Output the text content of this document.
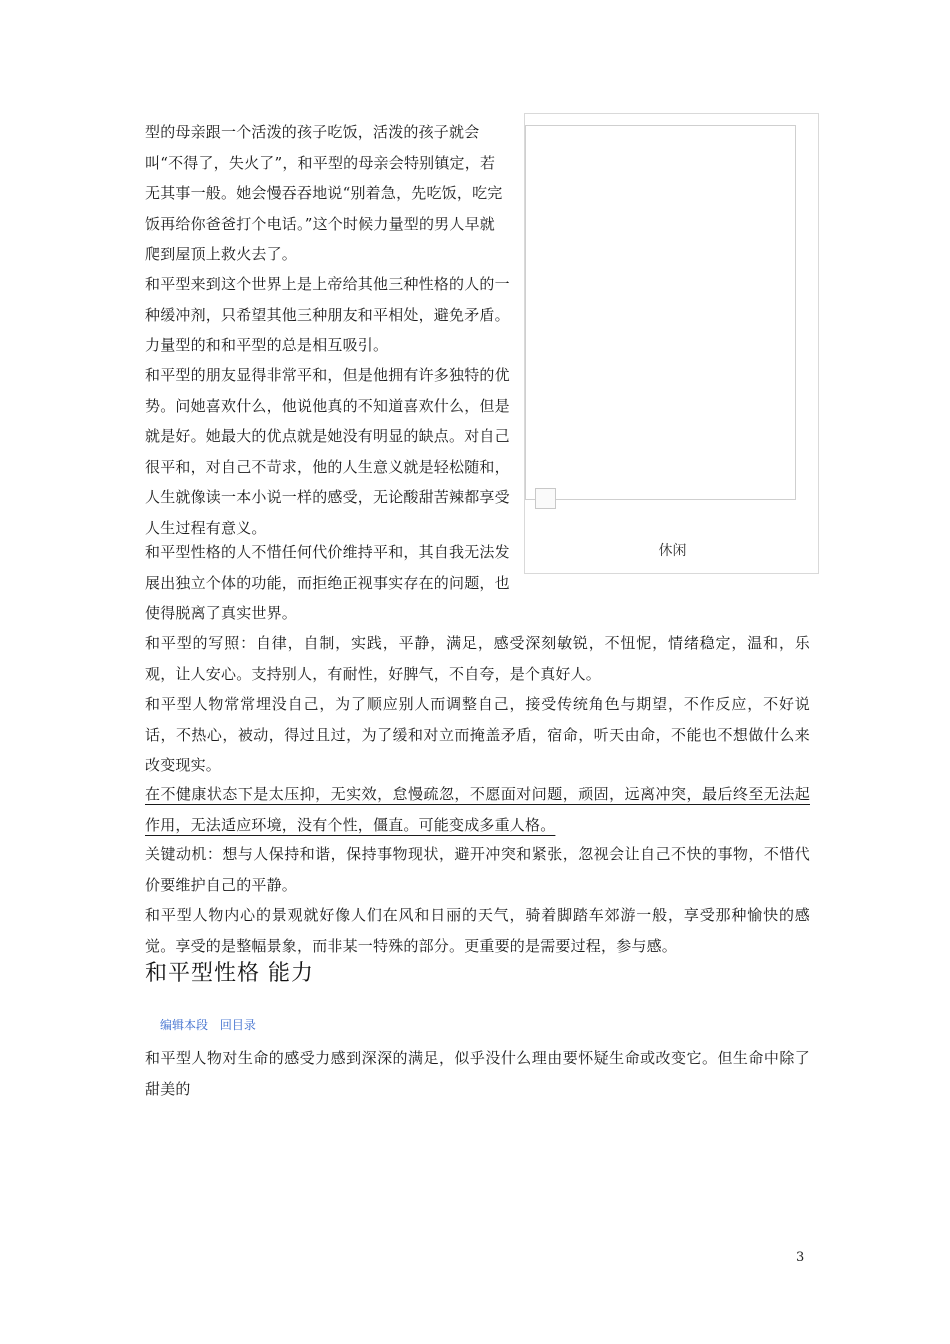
型的母亲跟一个活泼的孩子吃饭，活泼的孩子就会叫“不得了，失火了”，和平型的母亲会特别镇定，若无其事一般。她会慢吞吞地说“别着急，先吃饭，吃完饭再给你爸爸打个电话。”这个时候力量型的男人早就爬到屋顶上救火去了。

和平型来到这个世界上是上帝给其他三种性格的人的一种缓冲剂，只希望其他三种朋友和平相处，避免矛盾。力量型的和和平型的总是相互吸引。

和平型的朋友显得非常平和，但是他拥有许多独特的优势。问她喜欢什么，他说他真的不知道喜欢什么，但是就是好。她最大的优点就是她没有明显的缺点。对自己很平和，对自己不苛求，他的人生意义就是轻松随和，人生就像读一本小说一样的感受，无论酸甜苦辣都享受人生过程有意义。

和平型性格的人不惜任何代价维持平和，其自我无法发展出独立个体的功能，而拒绝正视事实存在的问题，也使得脱离了真实世界。

休闲

和平型的写照：自律，自制，实践，平静，满足，感受深刻敏锐，不忸怩，情绪稳定，温和，乐观，让人安心。支持别人，有耐性，好脾气，不自夸，是个真好人。

和平型人物常常埋没自己，为了顺应别人而调整自己，接受传统角色与期望，不作反应，不好说话，不热心，被动，得过且过，为了缓和对立而掩盖矛盾，宿命，听天由命，不能也不想做什么来改变现实。

在不健康状态下是太压抑，无实效，怠慢疏忽，不愿面对问题，顽固，远离冲突，最后终至无法起作用，无法适应环境，没有个性，僵直。可能变成多重人格。

关键动机：想与人保持和谐，保持事物现状，避开冲突和紧张，忽视会让自己不快的事物，不惜代价要维护自己的平静。

和平型人物内心的景观就好像人们在风和日丽的天气，骑着脚踏车郊游一般，享受那种愉快的感觉。享受的是整幅景象，而非某一特殊的部分。更重要的是需要过程，参与感。

和平型性格 能力
编辑本段 回目录

和平型人物对生命的感受力感到深深的满足，似乎没什么理由要怀疑生命或改变它。但生命中除了甜美的

3
